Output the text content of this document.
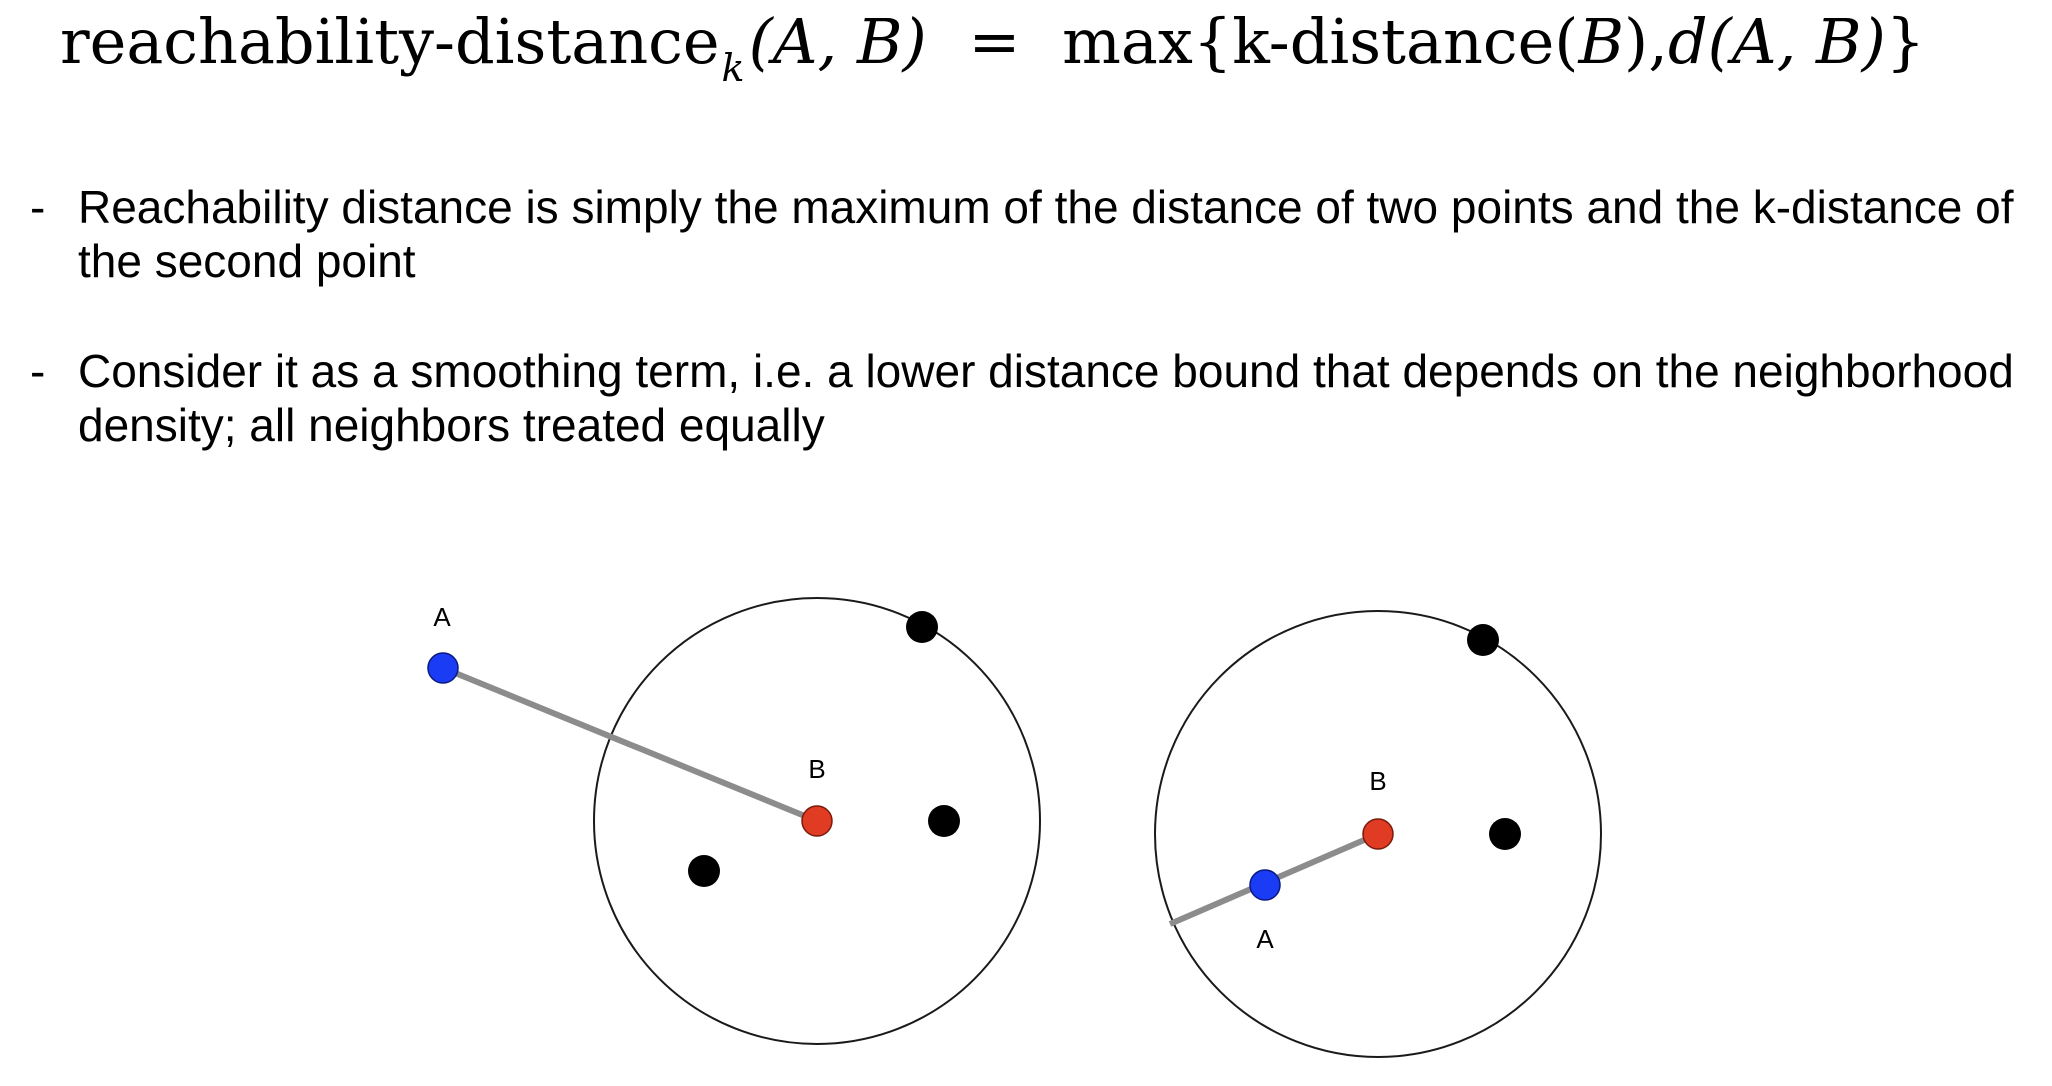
reachability-distance$_k$(A, B) = max{k-distance(B),d(A, B)}
- Reachability distance is simply the maximum of the distance of two points and the k-distance of the second point
- Consider it as a smoothing term, i.e. a lower distance bound that depends on the neighborhood density; all neighbors treated equally
A
B
A
B
